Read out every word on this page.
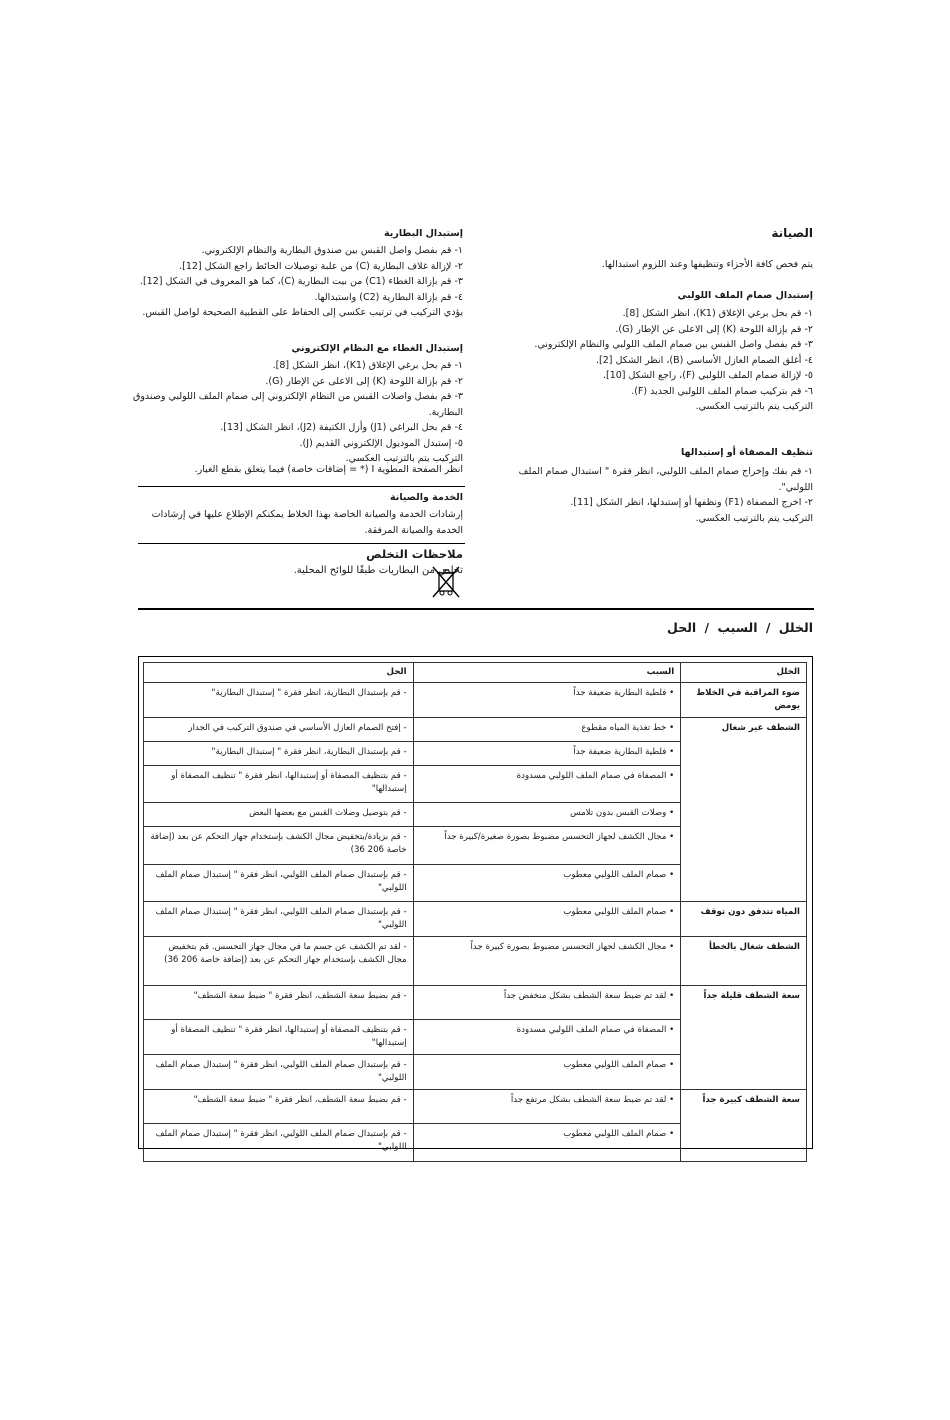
الصيانة
يتم فحص كافة الأجزاء وتنظيفها وعند اللزوم استبدالها.
إستبدال صمام الملف اللولبي
١- قم بحل برغي الإغلاق (K1)، انظر الشكل [8].
٢- قم بإزالة اللوحة (K) إلى الاعلى عن الإطار (G).
٣- قم بفصل واصل القبس بين صمام الملف اللولبي والنظام الإلكتروني.
٤- أغلق الصمام العازل الأساسي (B)، انظر الشكل [2].
٥- لإزالة صمام الملف اللولبي (F)، راجع الشكل [10].
٦- قم بتركيب صمام الملف اللولبي الجديد (F).
التركيب يتم بالترتيب العكسي.
تنظيف المصفاة أو إستبدالها
١- قم بفك وإخراج صمام الملف اللولبي، انظر فقرة " استبدال صمام الملف اللولبي".
٢- اخرج المصفاة (F1) ونظفها أو إستبدلها، انظر الشكل [11].
التركيب يتم بالترتيب العكسي.
إستبدال البطارية
١- قم بفصل واصل القبس بين صندوق البطارية والنظام الإلكتروني.
٢- لإزالة غلاف البطارية (C) من علبة توصيلات الحائط راجع الشكل [12].
٣- قم بإزالة الغطاء (C1) من بيت البطارية (C)، كما هو المعروف في الشكل [12].
٤- قم بإزالة البطارية (C2) واستبدالها.
يؤدي التركيب في ترتيب عكسي إلى الحفاظ على القطبية الصحيحة لواصل القبس.
إستبدال الغطاء مع النظام الإلكتروني
١- قم بحل برغي الإغلاق (K1)، انظر الشكل [8].
٢- قم بإزالة اللوحة (K) إلى الاعلى عن الإطار (G).
٣- قم بفصل واصلات القبس من النظام الإلكتروني إلى صمام الملف اللولبي وصندوق البطارية.
٤- قم بحل البراغي (J1) وأزل الكتيفة (J2)، انظر الشكل [13].
٥- إستبدل الموديول الإلكتروني القديم (J).
التركيب يتم بالترتيب العكسي.
انظر الصفحة المطوية I (* = إضافات خاصة) فيما يتعلق بقطع الغيار.
الخدمة والصيانة
إرشادات الخدمة والصيانة الخاصة بهذا الخلاط يمكنكم الإطلاع عليها في إرشادات الخدمة والصيانة المرفقة.
ملاحظات التخلص
تخلص من البطاريات طبقًا للوائح المحلية.
الخلل / السبب / الحل
الخلل	السبب	الحل
ضوء المراقبة في الخلاط يومض	• فلطية البطارية ضعيفة جداً	- قم بإستبدال البطارية، انظر فقرة " إستبدال البطارية"
الشطف غير شغال	• خط تغذية المياه مقطوع	- إفتح الصمام العازل الأساسي في صندوق التركيب في الجدار
	• فلطية البطارية ضعيفة جداً	- قم بإستبدال البطارية، انظر فقرة " إستبدال البطارية"
	• المصفاة في صمام الملف اللولبي مسدودة	- قم بتنظيف المصفاة أو إستبدالها، انظر فقرة " تنظيف المصفاة أو إستبدالها"
	• وصلات القبس بدون تلامس	- قم بتوصيل وصلات القبس مع بعضها البعض
	• مجال الكشف لجهاز التحسس مضبوط بصورة صغيرة/كبيرة جداً	- قم بزيادة/بتخفيض مجال الكشف بإستخدام جهاز التحكم عن بعد (إضافة خاصة 206 36)
	• صمام الملف اللولبي معطوب	- قم بإستبدال صمام الملف اللولبي، انظر فقرة " إستبدال صمام الملف اللولبي"
المياه تتدفق دون توقف	• صمام الملف اللولبي معطوب	- قم بإستبدال صمام الملف اللولبي، انظر فقرة " إستبدال صمام الملف اللولبي"
الشطف شغال بالخطأ	• مجال الكشف لجهاز التحسس مضبوط بصورة كبيرة جداً	- لقد تم الكشف عن جسم ما في مجال جهاز التحسس. قم بتخفيض مجال الكشف بإستخدام جهاز التحكم عن بعد (إضافة خاصة 206 36)
سعة الشطف قليلة جداً	• لقد تم ضبط سعة الشطف بشكل منخفض جداً	- قم بضبط سعة الشطف، انظر فقرة " ضبط سعة الشطف"
	• المصفاة في صمام الملف اللولبي مسدودة	- قم بتنظيف المصفاة أو إستبدالها، انظر فقرة " تنظيف المصفاة أو إستبدالها"
	• صمام الملف اللولبي معطوب	- قم بإستبدال صمام الملف اللولبي، انظر فقرة " إستبدال صمام الملف اللولبي"
سعة الشطف كبيرة جداً	• لقد تم ضبط سعة الشطف بشكل مرتفع جداً	- قم بضبط سعة الشطف، انظر فقرة " ضبط سعة الشطف"
	• صمام الملف اللولبي معطوب	- قم بإستبدال صمام الملف اللولبي، انظر فقرة " إستبدال صمام الملف اللولبي"
